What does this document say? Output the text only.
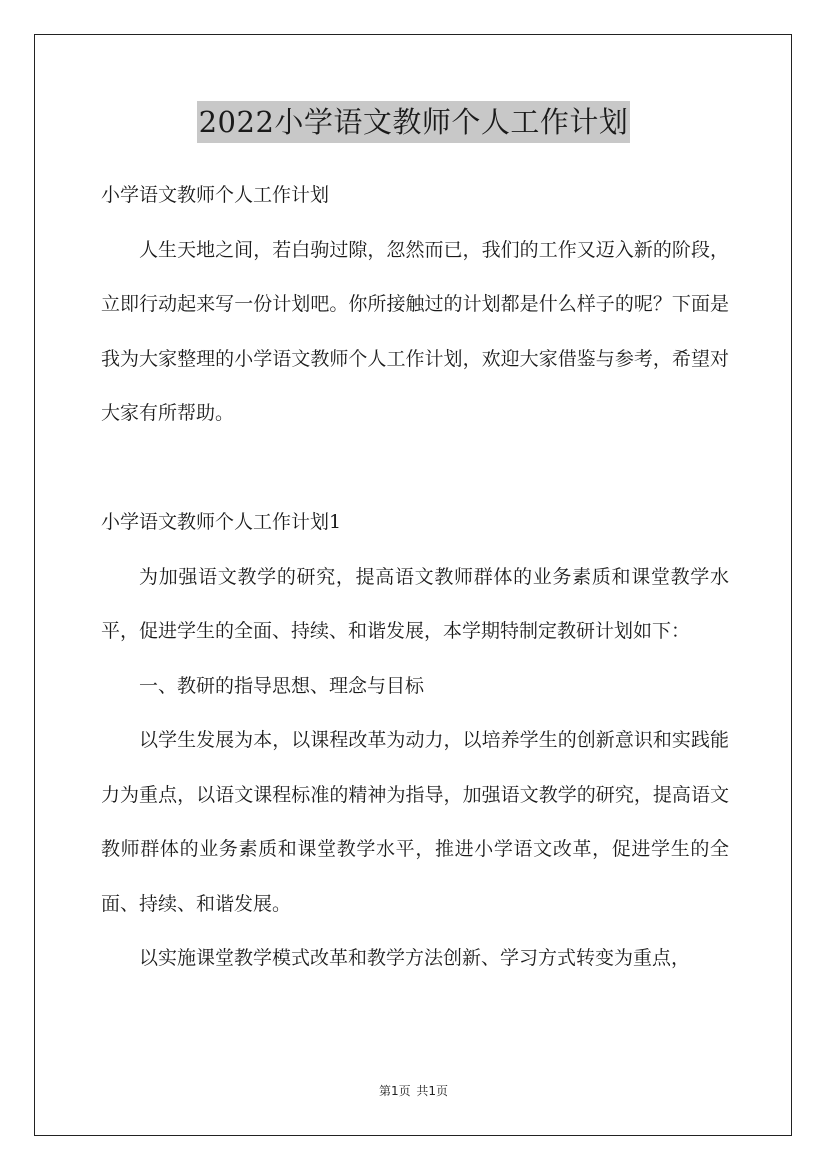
2022小学语文教师个人工作计划

小学语文教师个人工作计划

人生天地之间，若白驹过隙，忽然而已，我们的工作又迈入新的阶段，立即行动起来写一份计划吧。你所接触过的计划都是什么样子的呢？下面是我为大家整理的小学语文教师个人工作计划，欢迎大家借鉴与参考，希望对大家有所帮助。

小学语文教师个人工作计划1

为加强语文教学的研究，提高语文教师群体的业务素质和课堂教学水平，促进学生的全面、持续、和谐发展，本学期特制定教研计划如下：

一、教研的指导思想、理念与目标

以学生发展为本，以课程改革为动力，以培养学生的创新意识和实践能力为重点，以语文课程标准的精神为指导，加强语文教学的研究，提高语文教师群体的业务素质和课堂教学水平，推进小学语文改革，促进学生的全面、持续、和谐发展。

以实施课堂教学模式改革和教学方法创新、学习方式转变为重点，

第1页 共1页
